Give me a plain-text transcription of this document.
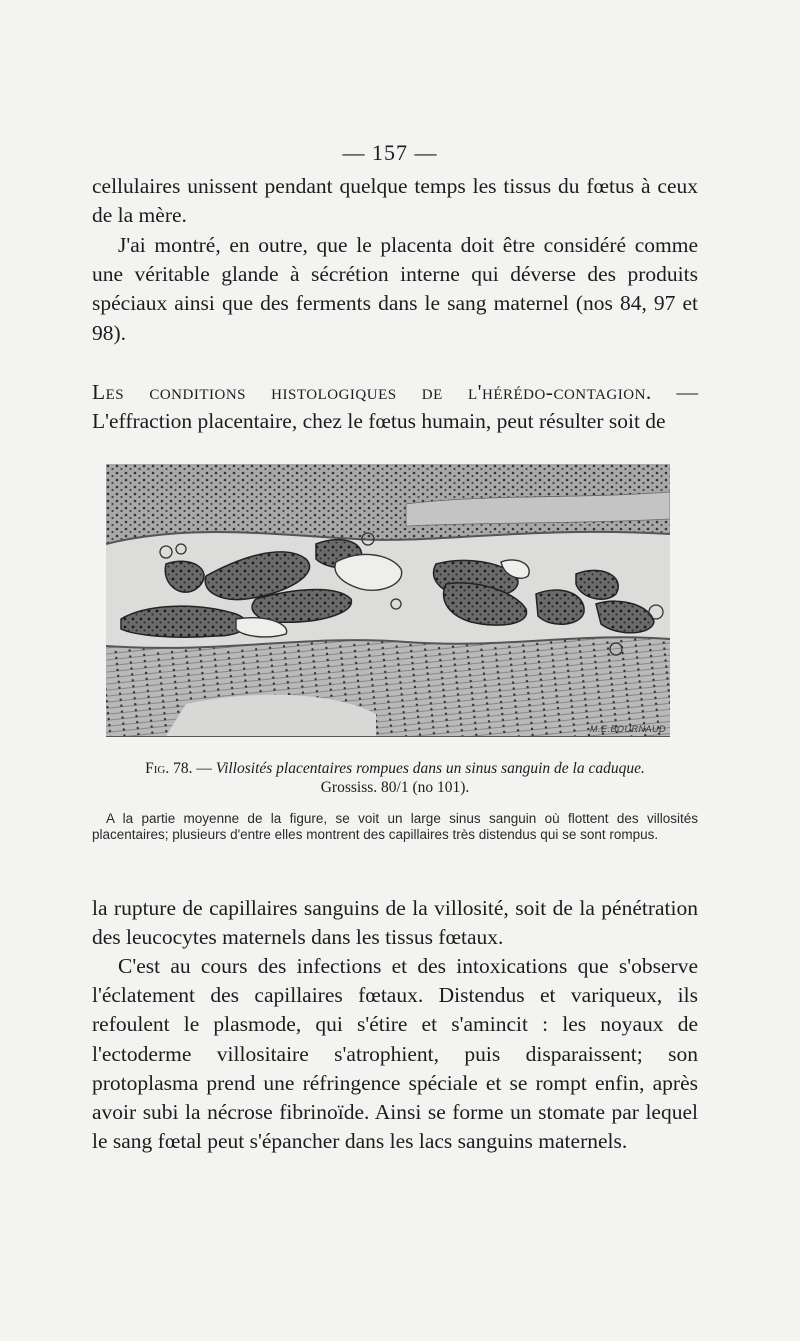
— 157 —

cellulaires unissent pendant quelque temps les tissus du fœtus à ceux de la mère.

J'ai montré, en outre, que le placenta doit être considéré comme une véritable glande à sécrétion interne qui déverse des produits spéciaux ainsi que des ferments dans le sang maternel (nos 84, 97 et 98).

Les conditions histologiques de l'hérédo-contagion. — L'effraction placentaire, chez le fœtus humain, peut résulter soit de

M.E.BOURNAUD
Fig. 78. — Villosités placentaires rompues dans un sinus sanguin de la caduque.
Grossiss. 80/1 (no 101).
A la partie moyenne de la figure, se voit un large sinus sanguin où flottent des villosités placentaires; plusieurs d'entre elles montrent des capillaires très distendus qui se sont rompus.

la rupture de capillaires sanguins de la villosité, soit de la pénétration des leucocytes maternels dans les tissus fœtaux.

C'est au cours des infections et des intoxications que s'observe l'éclatement des capillaires fœtaux. Distendus et variqueux, ils refoulent le plasmode, qui s'étire et s'amincit : les noyaux de l'ectoderme villositaire s'atrophient, puis disparaissent; son protoplasma prend une réfringence spéciale et se rompt enfin, après avoir subi la nécrose fibrinoïde. Ainsi se forme un stomate par lequel le sang fœtal peut s'épancher dans les lacs sanguins maternels.
